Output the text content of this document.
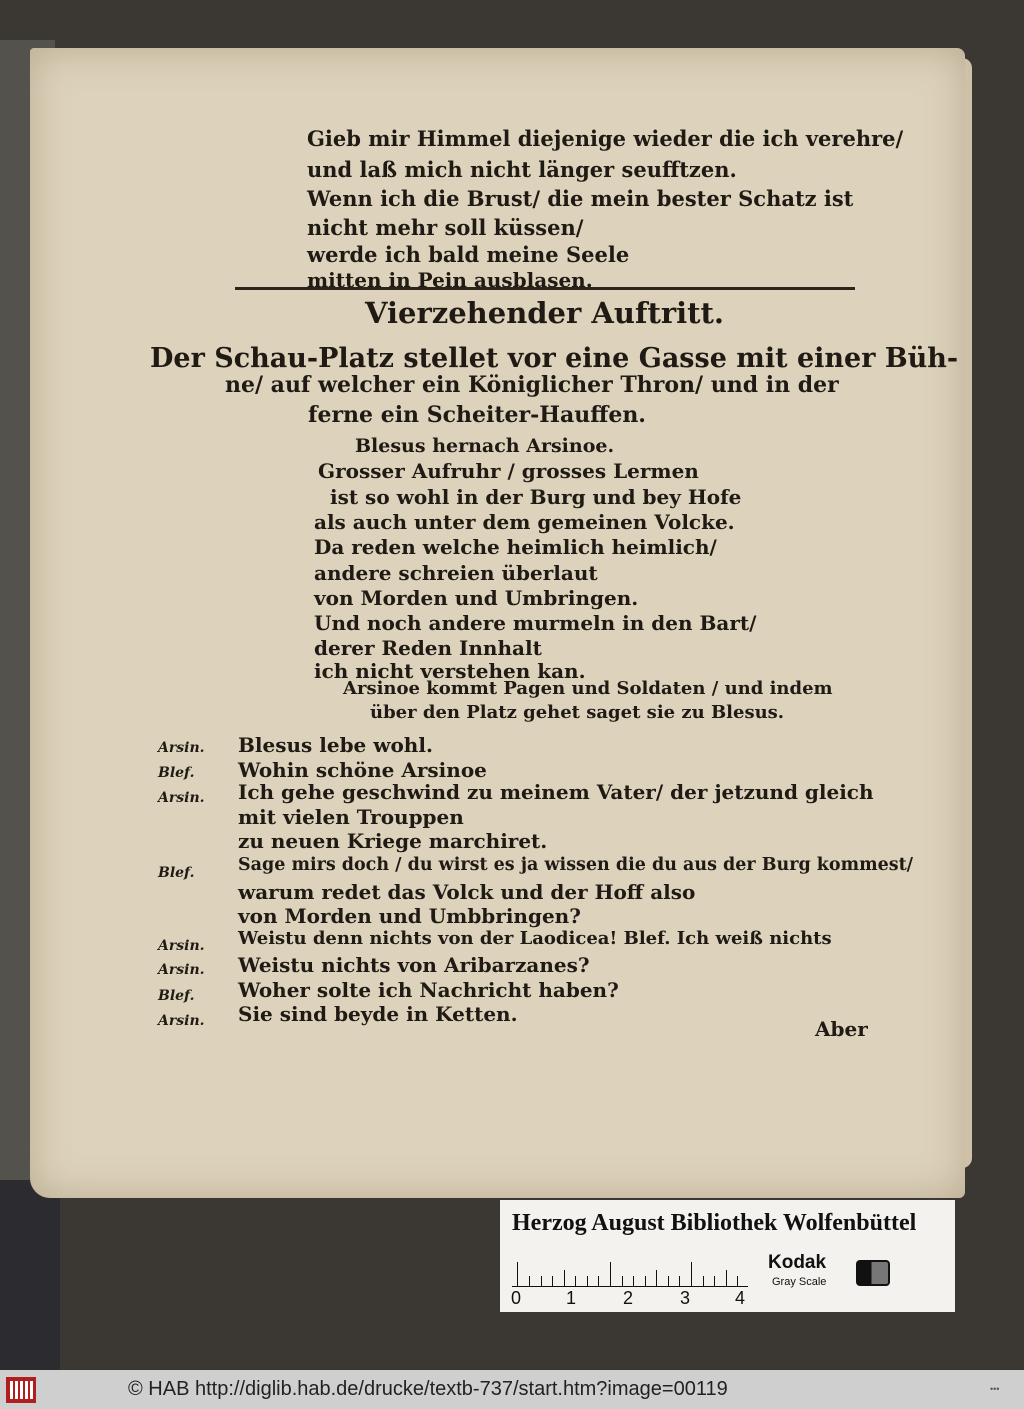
Gieb mir Himmel diejenige wieder die ich verehre/
und laß mich nicht länger seufftzen.
Wenn ich die Brust/ die mein bester Schatz ist
nicht mehr soll küssen/
werde ich bald meine Seele
mitten in Pein ausblasen.
Vierzehender Auftritt.
Der Schau-Platz stellet vor eine Gasse mit einer Büh-
ne/ auf welcher ein Königlicher Thron/ und in der
ferne ein Scheiter-Hauffen.
Blesus hernach Arsinoe.
Grosser Aufruhr / grosses Lermen
ist so wohl in der Burg und bey Hofe
als auch unter dem gemeinen Volcke.
Da reden welche heimlich heimlich/
andere schreien überlaut
von Morden und Umbringen.
Und noch andere murmeln in den Bart/
derer Reden Innhalt
ich nicht verstehen kan.
Arsinoe kommt Pagen und Soldaten / und indem
über den Platz gehet saget sie zu Blesus.
Arsin. Blesus lebe wohl.
Blef. Wohin schöne Arsinoe
Arsin. Ich gehe geschwind zu meinem Vater/ der jetzund gleich
mit vielen Trouppen
zu neuen Kriege marchiret.
Blef. Sage mirs doch / du wirst es ja wissen die du aus der Burg kommest/
warum redet das Volck und der Hoff also
von Morden und Umbbringen?
Arsin. Weistu denn nichts von der Laodicea! Blef. Ich weiß nichts
Arsin. Weistu nichts von Aribarzanes?
Blef. Woher solte ich Nachricht haben?
Arsin. Sie sind beyde in Ketten.
Aber
Herzog August Bibliothek Wolfenbüttel
0 1	2	3 4
Kodak
Gray Scale
© HAB http://diglib.hab.de/drucke/textb-737/start.htm?image=00119	•••
